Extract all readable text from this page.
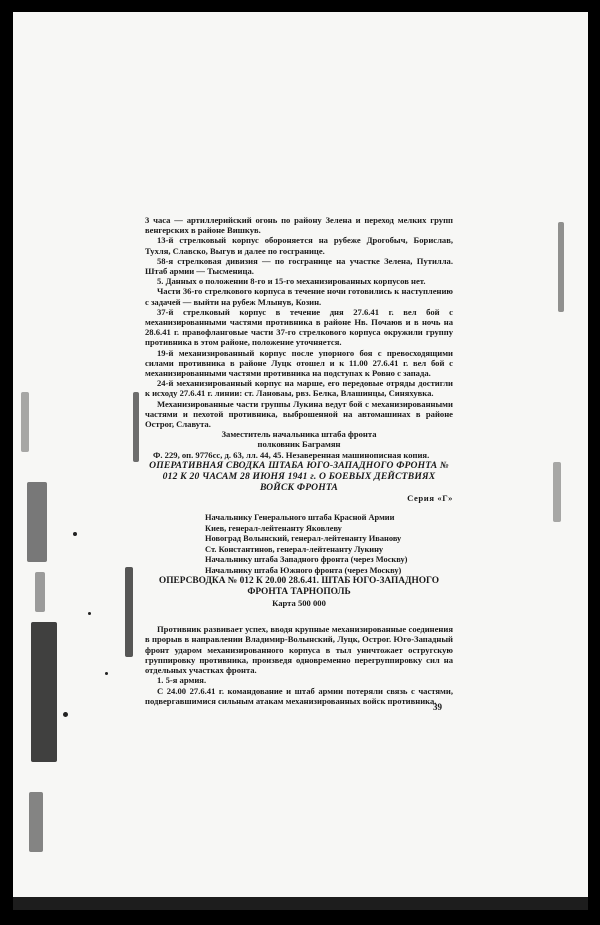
3 часа — артиллерийский огонь по району Зелена и переход мелких групп венгерских в районе Вишкув.

13-й стрелковый корпус обороняется на рубеже Дрогобыч, Борислав, Тухля, Славско, Выгув и далее по госгранице.

58-я стрелковая дивизия — по госгранице на участке Зелена, Путилла. Штаб армии — Тысменица.

5. Данных о положении 8-го и 15-го механизированных корпусов нет.

Части 36-го стрелкового корпуса в течение ночи готовились к наступлению с задачей — выйти на рубеж Млынув, Козин.

37-й стрелковый корпус в течение дня 27.6.41 г. вел бой с механизированными частями противника в районе Нв. Почаюв и в ночь на 28.6.41 г. правофланговые части 37-го стрелкового корпуса окружили группу противника в этом районе, положение уточняется.

19-й механизированный корпус после упорного боя с превосходящими силами противника в районе Луцк отошел и к 11.00 27.6.41 г. вел бой с механизированными частями противника на подступах к Ровно с запада.

24-й механизированный корпус на марше, его передовые отряды достигли к исходу 27.6.41 г. линии: ст. Лановаы, рвз. Белка, Влашинцы, Синяхувка.

Механизированные части группы Лукина ведут бой с механизированными частями и пехотой противника, выброшенной на автомашинах в районе Острог, Славута.

Заместитель начальника штаба фронта

полковник Баграмян

Ф. 229, оп. 9776сс, д. 63, лл. 44, 45. Незаверенная машинописная копия.

ОПЕРАТИВНАЯ СВОДКА ШТАБА ЮГО-ЗАПАДНОГО ФРОНТА № 012 К 20 ЧАСАМ 28 ИЮНЯ 1941 г. О БОЕВЫХ ДЕЙСТВИЯХ ВОЙСК ФРОНТА

Серия «Г»

Начальнику Генерального штаба Красной Армии

Киев, генерал-лейтенанту Яковлеву

Новоград Волынский, генерал-лейтенанту Иванову

Ст. Константинов, генерал-лейтенанту Лукину

Начальнику штаба Западного фронта (через Москву)

Начальнику штаба Южного фронта (через Москву)

ОПЕРСВОДКА № 012 К 20.00 28.6.41. ШТАБ ЮГО-ЗАПАДНОГО ФРОНТА ТАРНОПОЛЬ

Карта 500 000

Противник развивает успех, вводя крупные механизированные соединения в прорыв в направлении Владимир-Волынский, Луцк, Острог. Юго-Западный фронт ударом механизированного корпуса в тыл уничтожает остругскую группировку противника, произведя одновременно перегруппировку сил на отдельных участках фронта.

1. 5-я армия.

С 24.00 27.6.41 г. командование и штаб армии потеряли связь с частями, подвергавшимися сильным атакам механизированных войск противника.

39
